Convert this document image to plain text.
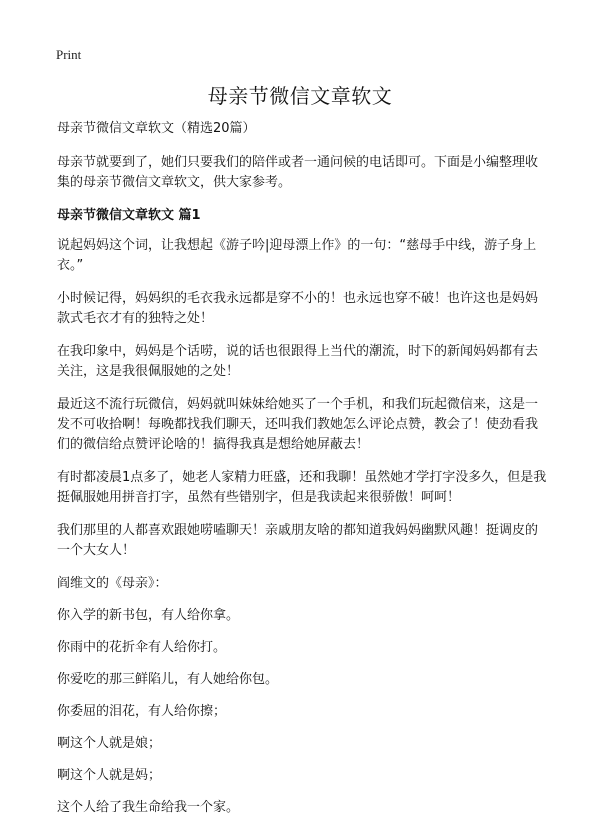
Print
母亲节微信文章软文

母亲节微信文章软文（精选20篇）

母亲节就要到了，她们只要我们的陪伴或者一通问候的电话即可。下面是小编整理收集的母亲节微信文章软文，供大家参考。

母亲节微信文章软文 篇1

说起妈妈这个词，让我想起《游子吟|迎母漂上作》的一句：“慈母手中线，游子身上衣。”

小时候记得，妈妈织的毛衣我永远都是穿不小的！也永远也穿不破！也许这也是妈妈款式毛衣才有的独特之处！

在我印象中，妈妈是个话唠，说的话也很跟得上当代的潮流，时下的新闻妈妈都有去关注，这是我很佩服她的之处！

最近这不流行玩微信，妈妈就叫妹妹给她买了一个手机，和我们玩起微信来，这是一发不可收拾啊！每晚都找我们聊天，还叫我们教她怎么评论点赞，教会了！使劲看我们的微信给点赞评论啥的！搞得我真是想给她屏蔽去！

有时都凌晨1点多了，她老人家精力旺盛，还和我聊！虽然她才学打字没多久，但是我挺佩服她用拼音打字，虽然有些错别字，但是我读起来很骄傲！呵呵！

我们那里的人都喜欢跟她唠嗑聊天！亲戚朋友啥的都知道我妈妈幽默风趣！挺调皮的一个大女人！

阎维文的《母亲》：

你入学的新书包，有人给你拿。

你雨中的花折伞有人给你打。

你爱吃的那三鲜陷儿，有人她给你包。

你委屈的泪花，有人给你擦；

啊这个人就是娘；

啊这个人就是妈；

这个人给了我生命给我一个家。
